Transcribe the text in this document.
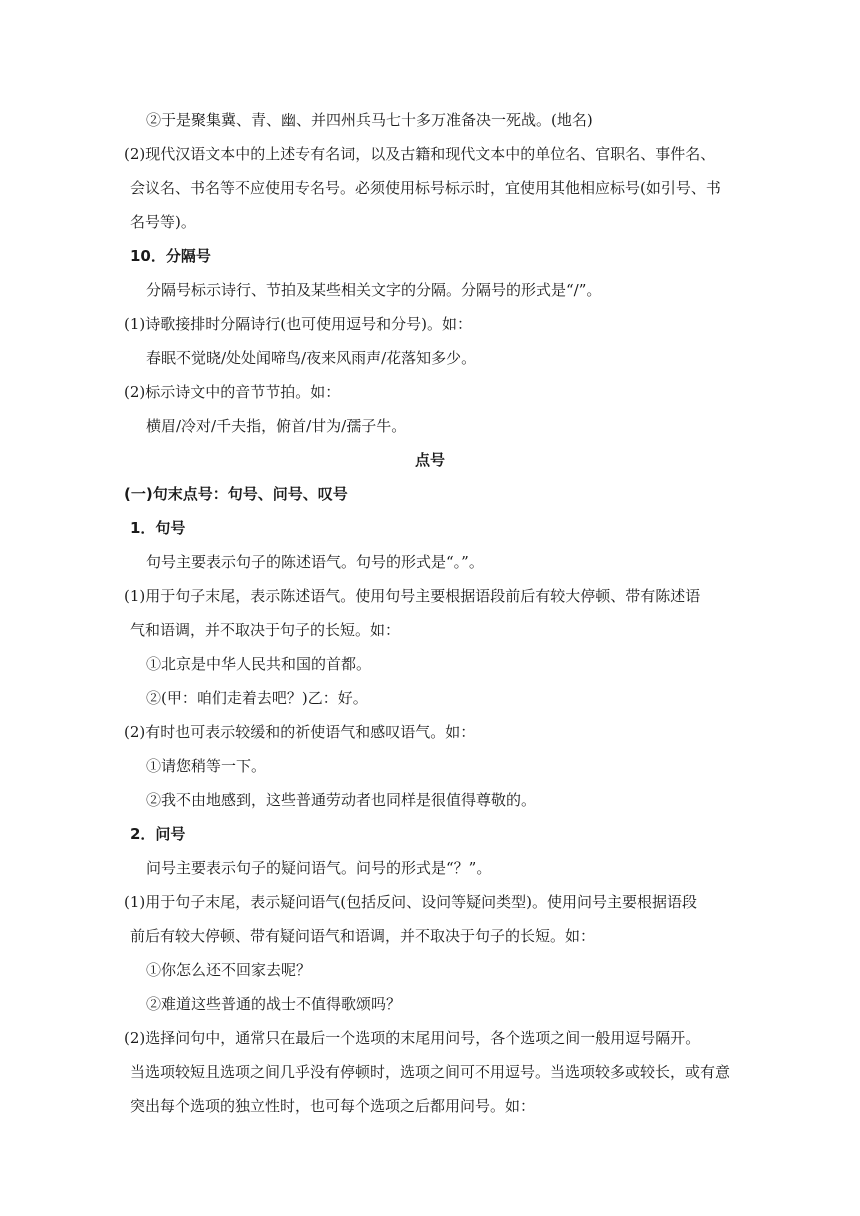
②于是聚集冀、青、幽、并四州兵马七十多万准备决一死战。(地名)
(2)现代汉语文本中的上述专有名词，以及古籍和现代文本中的单位名、官职名、事件名、
会议名、书名等不应使用专名号。必须使用标号标示时，宜使用其他相应标号(如引号、书
名号等)。
10．分隔号
分隔号标示诗行、节拍及某些相关文字的分隔。分隔号的形式是“/”。
(1)诗歌接排时分隔诗行(也可使用逗号和分号)。如：
春眠不觉晓/处处闻啼鸟/夜来风雨声/花落知多少。
(2)标示诗文中的音节节拍。如：
横眉/冷对/千夫指，俯首/甘为/孺子牛。
点号
(一)句末点号：句号、问号、叹号
1．句号
句号主要表示句子的陈述语气。句号的形式是“。”。
(1)用于句子末尾，表示陈述语气。使用句号主要根据语段前后有较大停顿、带有陈述语
气和语调，并不取决于句子的长短。如：
①北京是中华人民共和国的首都。
②(甲：咱们走着去吧？)乙：好。
(2)有时也可表示较缓和的祈使语气和感叹语气。如：
①请您稍等一下。
②我不由地感到，这些普通劳动者也同样是很值得尊敬的。
2．问号
问号主要表示句子的疑问语气。问号的形式是“？”。
(1)用于句子末尾，表示疑问语气(包括反问、设问等疑问类型)。使用问号主要根据语段
前后有较大停顿、带有疑问语气和语调，并不取决于句子的长短。如：
①你怎么还不回家去呢？
②难道这些普通的战士不值得歌颂吗？
(2)选择问句中，通常只在最后一个选项的末尾用问号，各个选项之间一般用逗号隔开。
当选项较短且选项之间几乎没有停顿时，选项之间可不用逗号。当选项较多或较长，或有意
突出每个选项的独立性时，也可每个选项之后都用问号。如：
